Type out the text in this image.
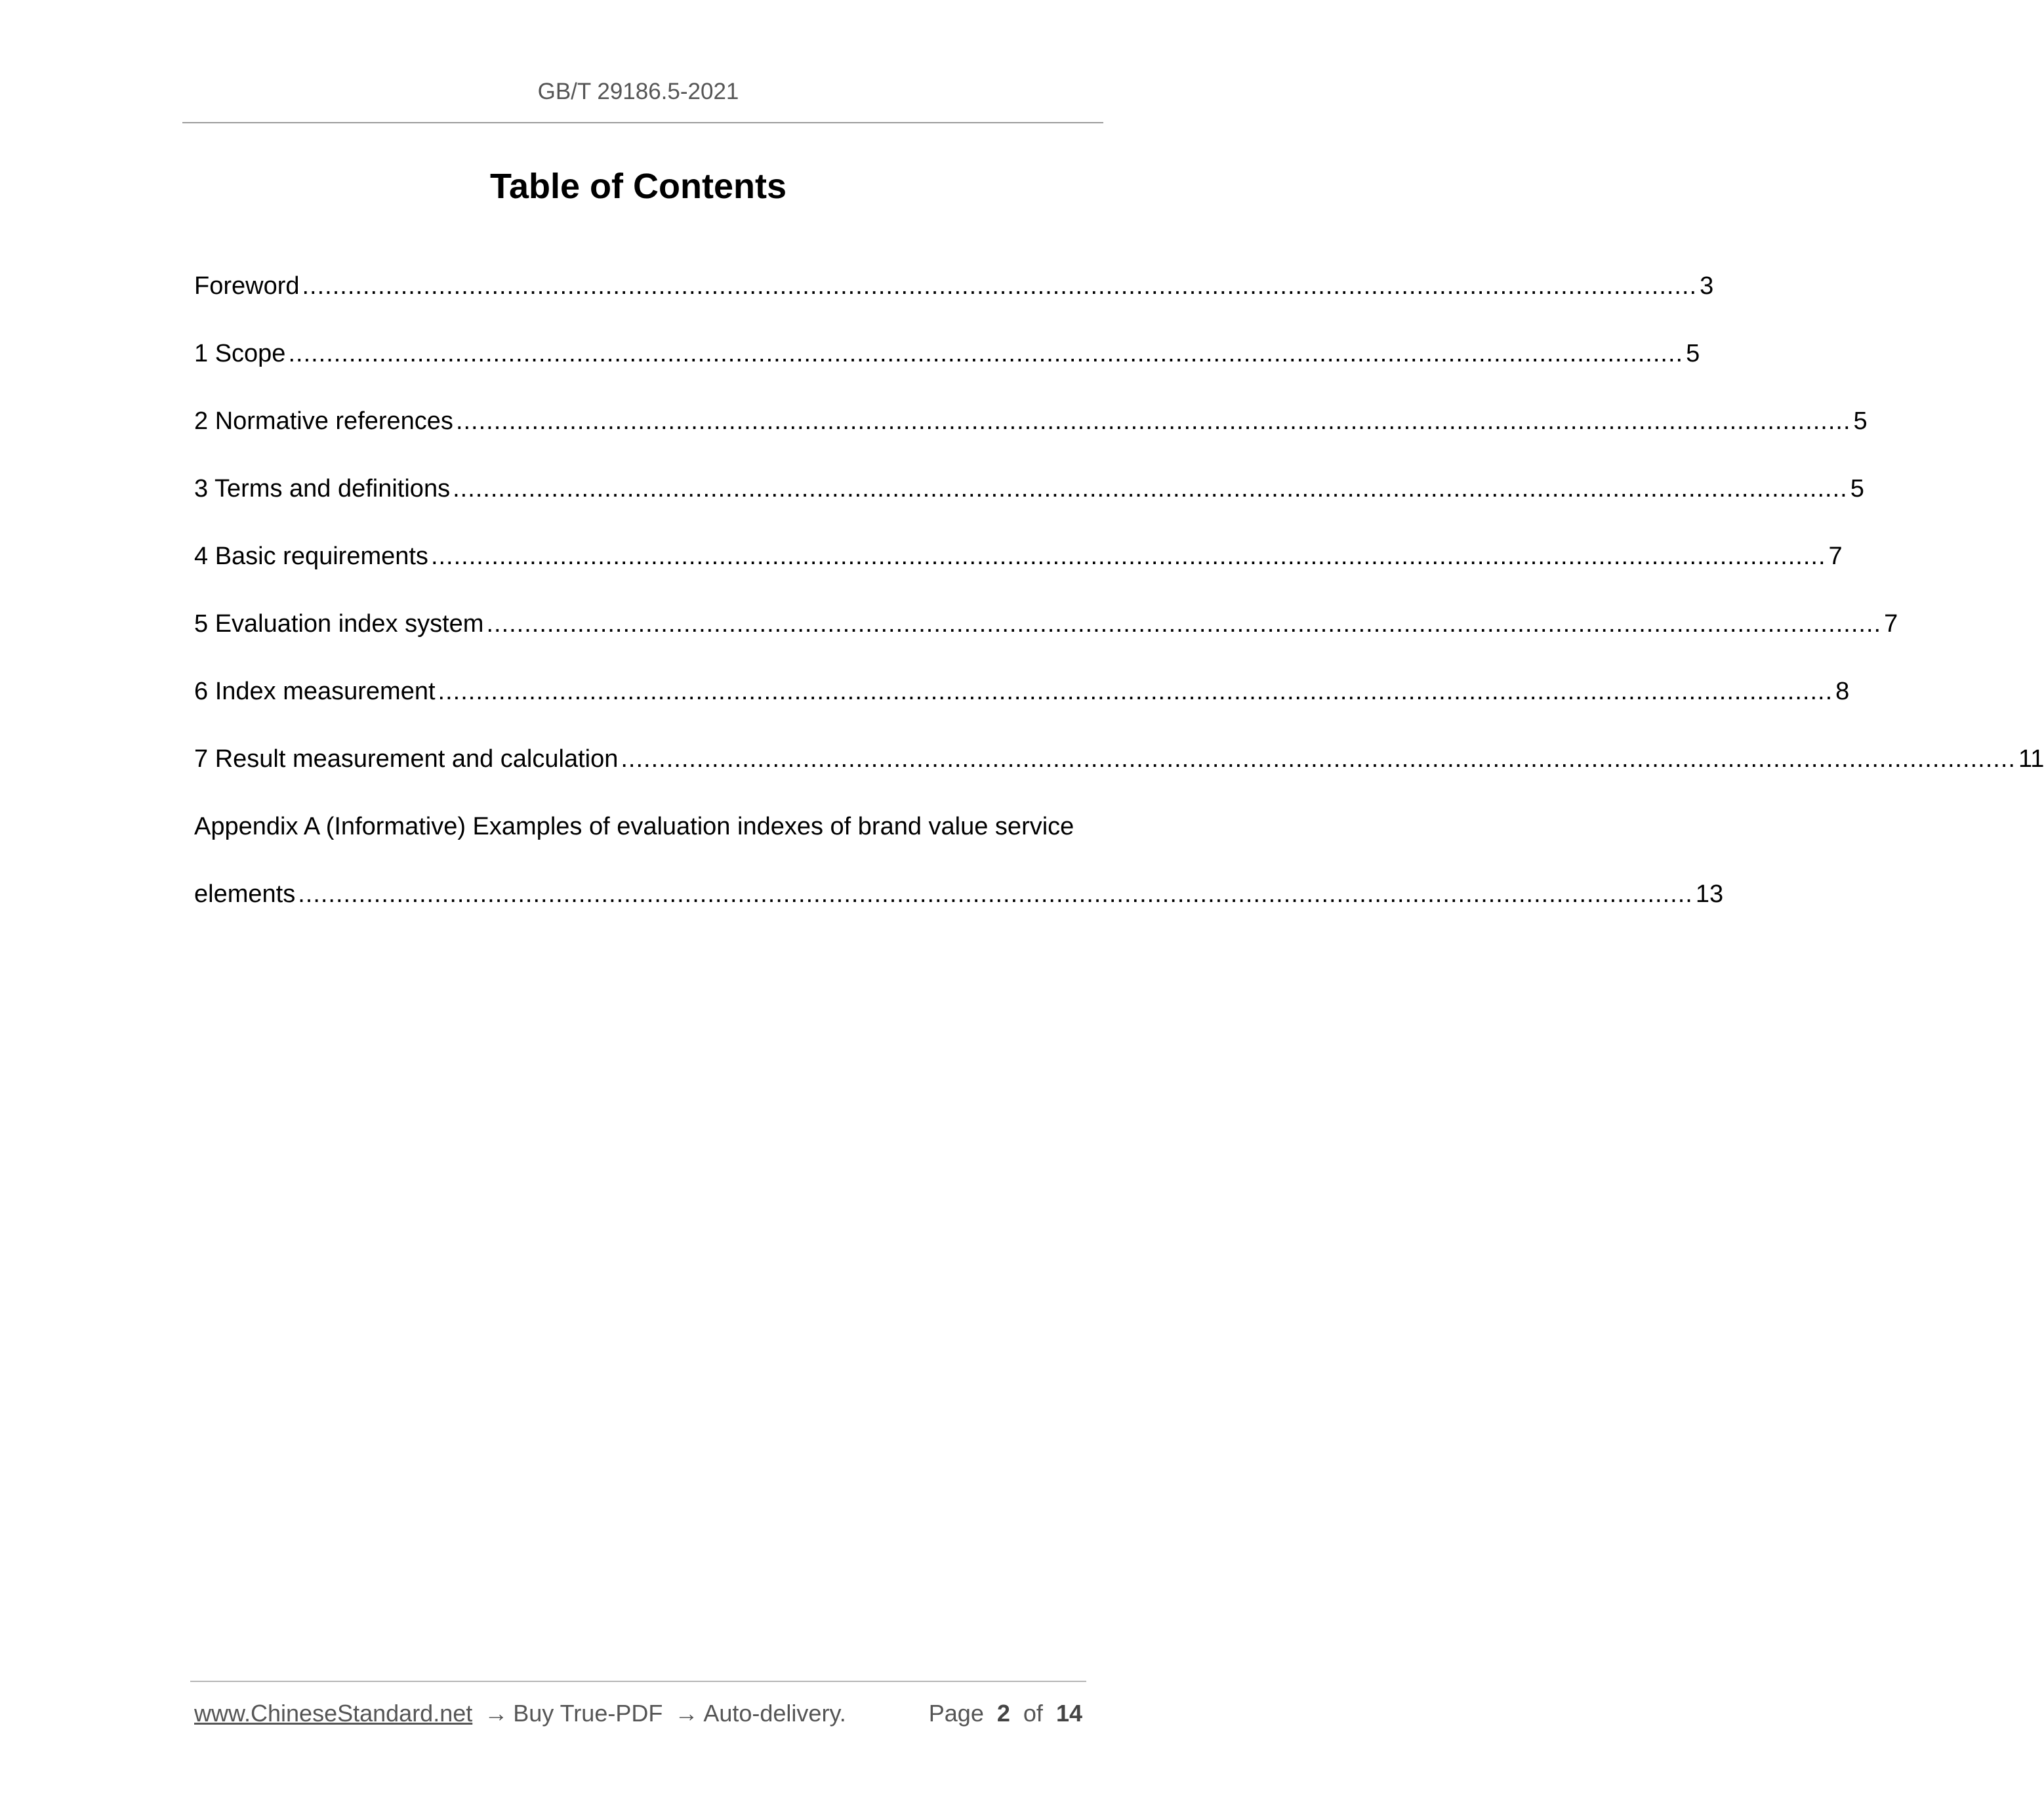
GB/T 29186.5-2021
Table of Contents
Foreword ........................................................................................................................................................................................ 3
1 Scope ........................................................................................................................................................................................ 5
2 Normative references ........................................................................................................................................................................................ 5
3 Terms and definitions ........................................................................................................................................................................................ 5
4 Basic requirements ........................................................................................................................................................................................ 7
5 Evaluation index system ........................................................................................................................................................................................ 7
6 Index measurement ........................................................................................................................................................................................ 8
7 Result measurement and calculation ........................................................................................................................................................................................ 11
Appendix A (Informative) Examples of evaluation indexes of brand value service
elements ........................................................................................................................................................................................ 13
www.ChineseStandard.net → Buy True-PDF → Auto-delivery.	Page 2 of 14
